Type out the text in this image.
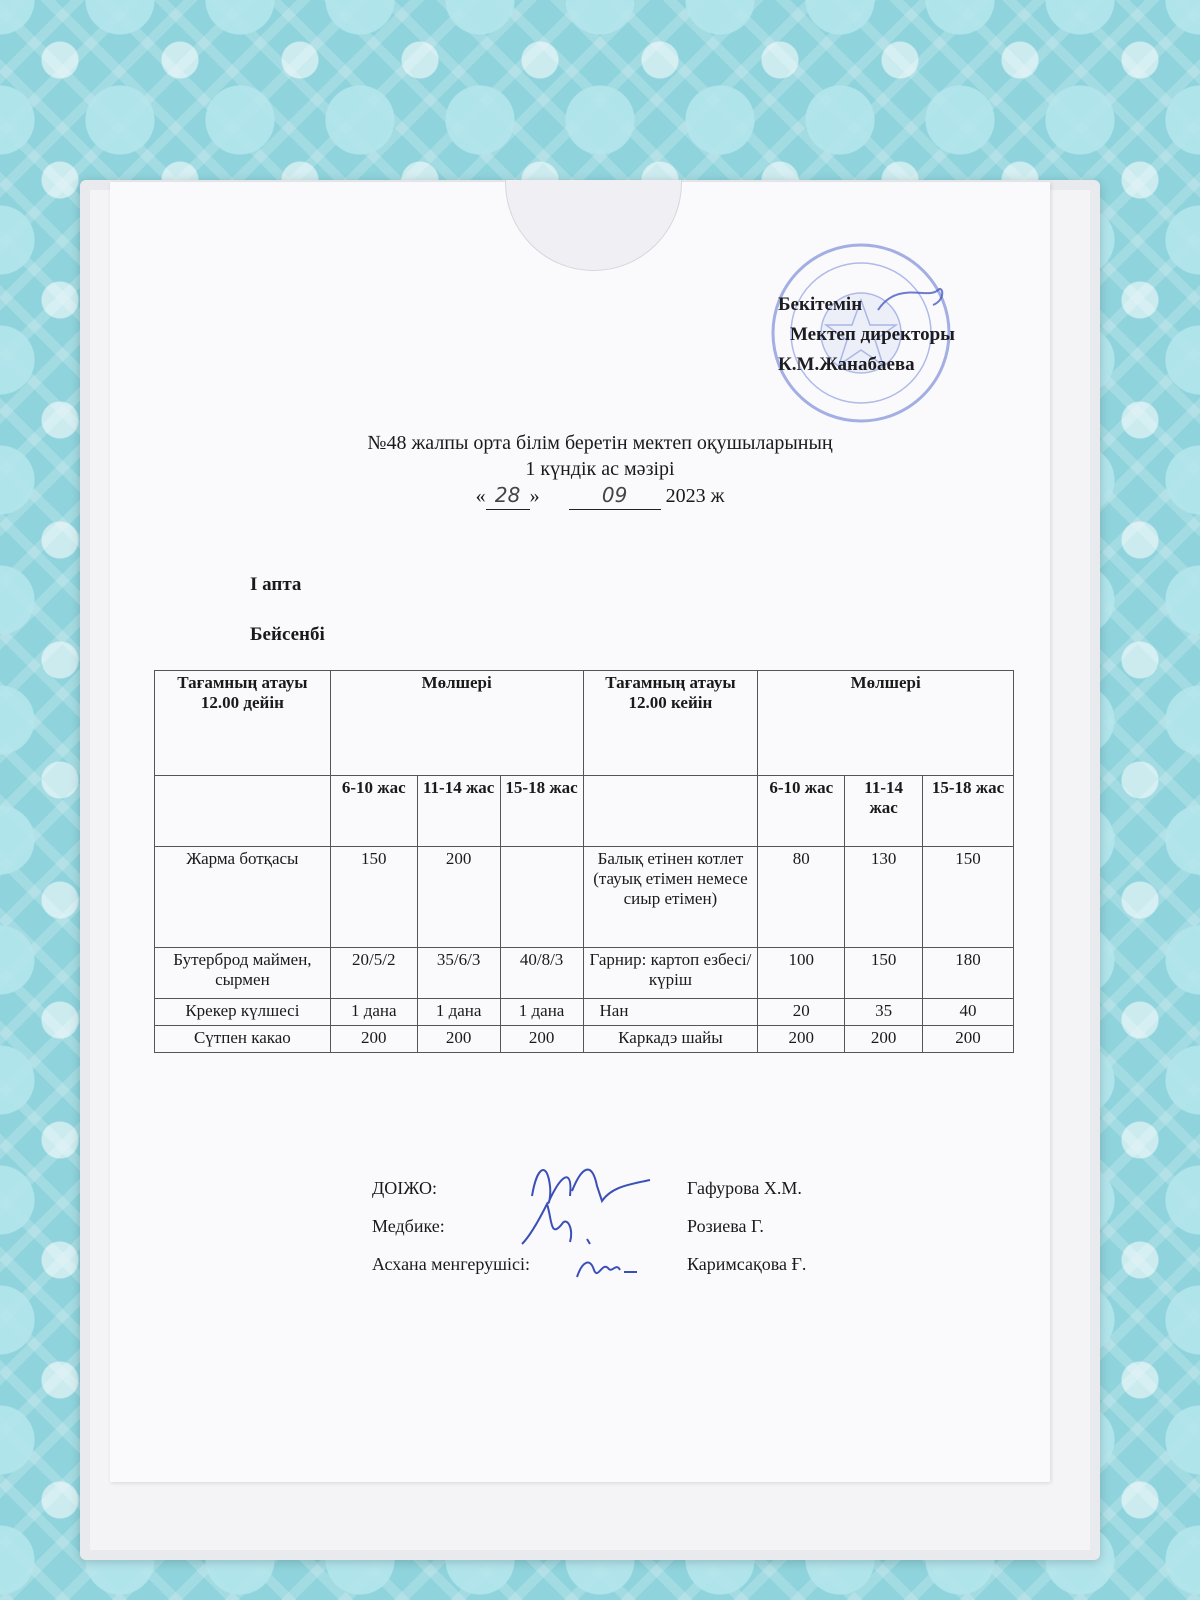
Бекітемін
Мектеп директоры
К.М.Жанабаева
№48 жалпы орта білім беретін мектеп оқушыларының
1 күндік ас мәзірі
« 28 »	09 2023 ж
І апта
Бейсенбі
Тағамның атауы 12.00 дейін	Мөлшері			Тағамның атауы 12.00 кейін	Мөлшері		
	6-10 жас	11-14 жас	15-18 жас		6-10 жас	11-14 жас	15-18 жас
Жарма ботқасы	150	200		Балық етінен котлет (тауық етімен немесе сиыр етімен)	80	130	150
Бутерброд маймен, сырмен	20/5/2	35/6/3	40/8/3	Гарнир: картоп езбесі/күріш	100	150	180
Крекер күлшесі	1 дана	1 дана	1 дана	Нан	20	35	40
Сүтпен какао	200	200	200	Каркадэ шайы	200	200	200
ДОІЖО:	Гафурова Х.М.
Медбике:	Розиева Г.
Асхана менгерушісі:	Каримсақова Ғ.
